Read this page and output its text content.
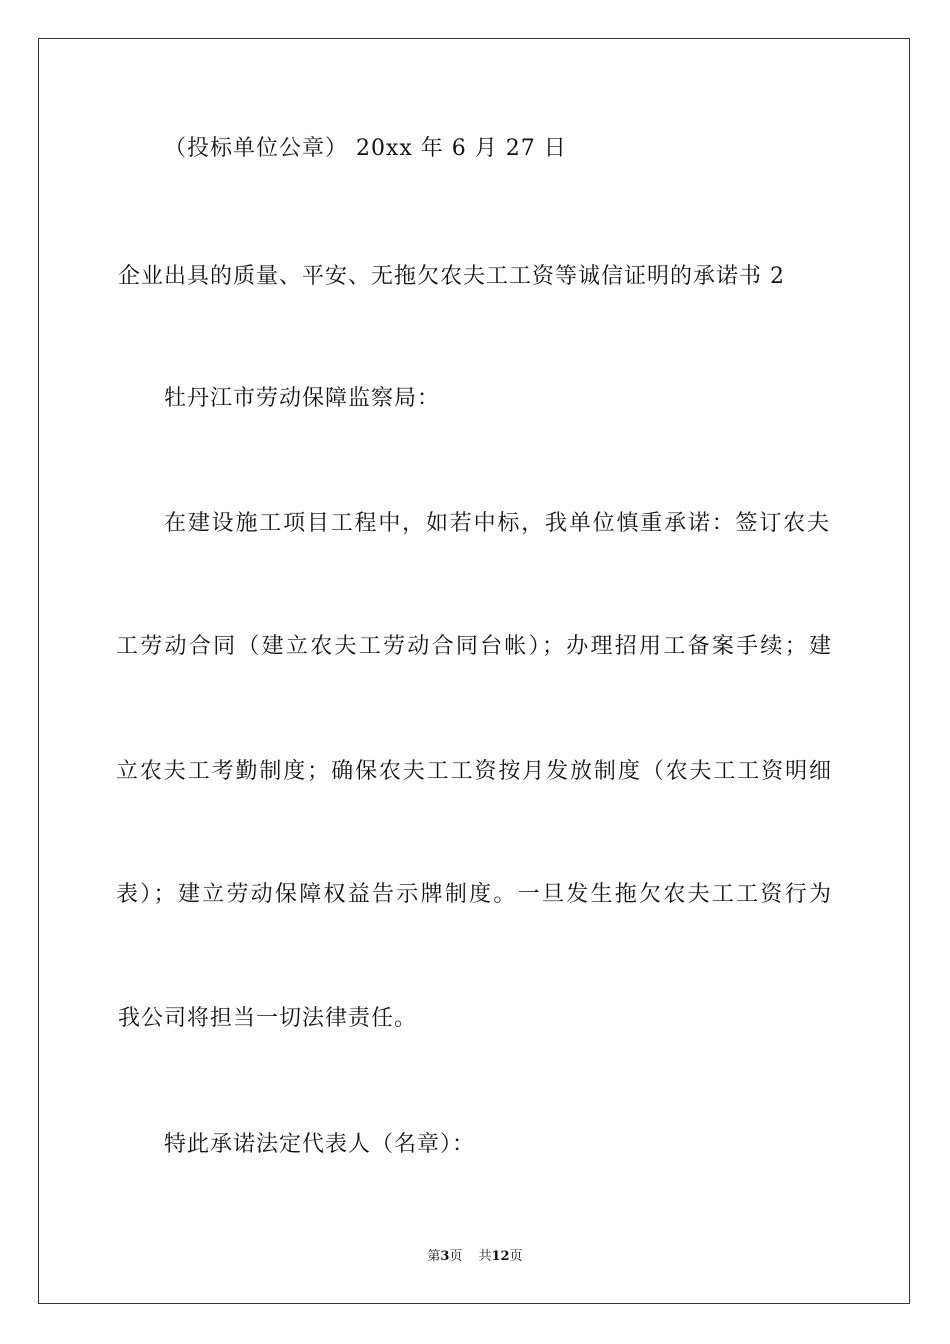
（投标单位公章） 20xx 年 6 月 27 日
企业出具的质量、平安、无拖欠农夫工工资等诚信证明的承诺书 2
牡丹江市劳动保障监察局：
在建设施工项目工程中，如若中标，我单位慎重承诺：签订农夫
工劳动合同（建立农夫工劳动合同台帐）；办理招用工备案手续；建
立农夫工考勤制度；确保农夫工工资按月发放制度（农夫工工资明细
表）；建立劳动保障权益告示牌制度。一旦发生拖欠农夫工工资行为
我公司将担当一切法律责任。
特此承诺法定代表人（名章）：
第3页 共12页
